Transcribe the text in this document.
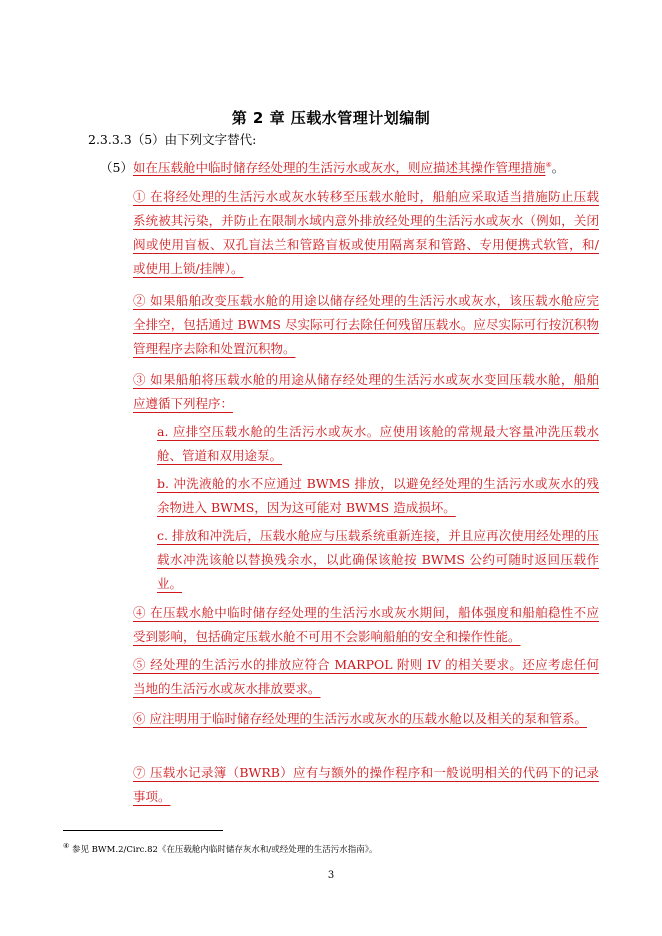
第 2 章 压载水管理计划编制
2.3.3.3（5）由下列文字替代:
（5）如在压载舱中临时储存经处理的生活污水或灰水，则应描述其操作管理措施④。
① 在将经处理的生活污水或灰水转移至压载水舱时，船舶应采取适当措施防止压载系统被其污染，并防止在限制水域内意外排放经处理的生活污水或灰水（例如，关闭阀或使用盲板、双孔盲法兰和管路盲板或使用隔离泵和管路、专用便携式软管，和/或使用上锁/挂牌）。
② 如果船舶改变压载水舱的用途以储存经处理的生活污水或灰水，该压载水舱应完全排空，包括通过 BWMS 尽实际可行去除任何残留压载水。应尽实际可行按沉积物管理程序去除和处置沉积物。
③ 如果船舶将压载水舱的用途从储存经处理的生活污水或灰水变回压载水舱，船舶应遵循下列程序：
a. 应排空压载水舱的生活污水或灰水。应使用该舱的常规最大容量冲洗压载水舱、管道和双用途泵。
b. 冲洗液舱的水不应通过 BWMS 排放，以避免经处理的生活污水或灰水的残余物进入 BWMS，因为这可能对 BWMS 造成损坏。
c. 排放和冲洗后，压载水舱应与压载系统重新连接，并且应再次使用经处理的压载水冲洗该舱以替换残余水，以此确保该舱按 BWMS 公约可随时返回压载作业。
④ 在压载水舱中临时储存经处理的生活污水或灰水期间，船体强度和船舶稳性不应受到影响，包括确定压载水舱不可用不会影响船舶的安全和操作性能。
⑤ 经处理的生活污水的排放应符合 MARPOL 附则 IV 的相关要求。还应考虑任何当地的生活污水或灰水排放要求。
⑥ 应注明用于临时储存经处理的生活污水或灰水的压载水舱以及相关的泵和管系。
⑦ 压载水记录簿（BWRB）应有与额外的操作程序和一般说明相关的代码下的记录事项。
④ 参见 BWM.2/Circ.82《在压载舱内临时储存灰水和/或经处理的生活污水指南》。
3
